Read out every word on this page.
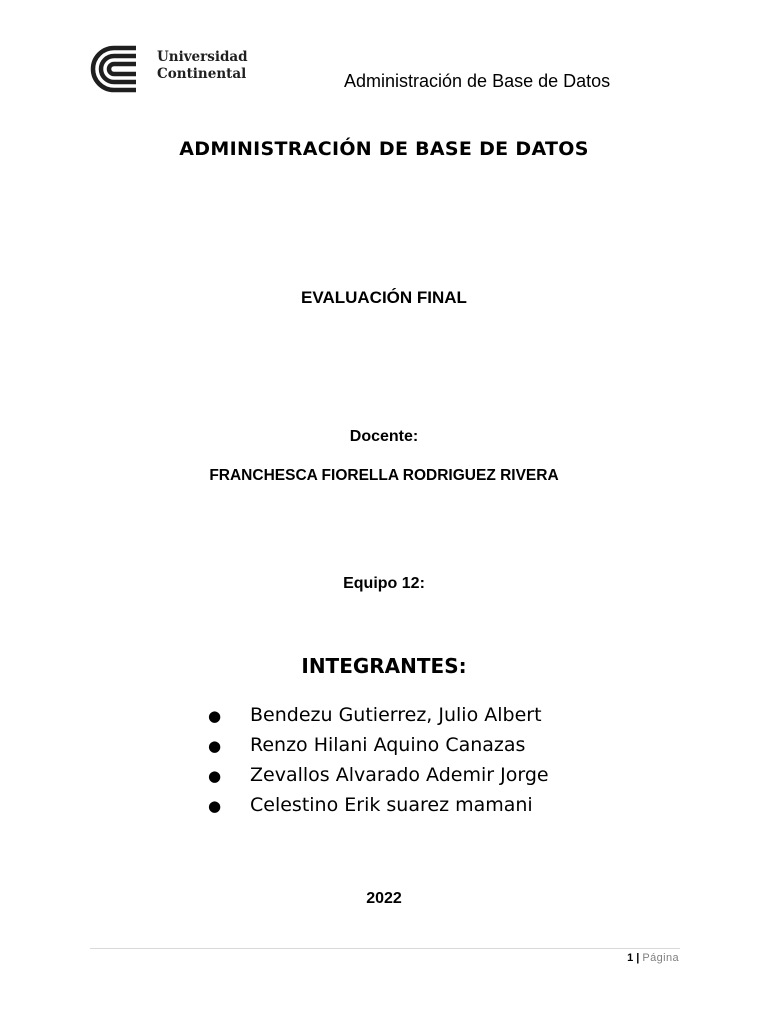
Universidad
Continental	Administración de Base de Datos
ADMINISTRACIÓN DE BASE DE DATOS
EVALUACIÓN FINAL
Docente:
FRANCHESCA FIORELLA RODRIGUEZ RIVERA
Equipo 12:
INTEGRANTES:
● Bendezu Gutierrez, Julio Albert
● Renzo Hilani Aquino Canazas
● Zevallos Alvarado Ademir Jorge
● Celestino Erik suarez mamani
2022
1 | Página
